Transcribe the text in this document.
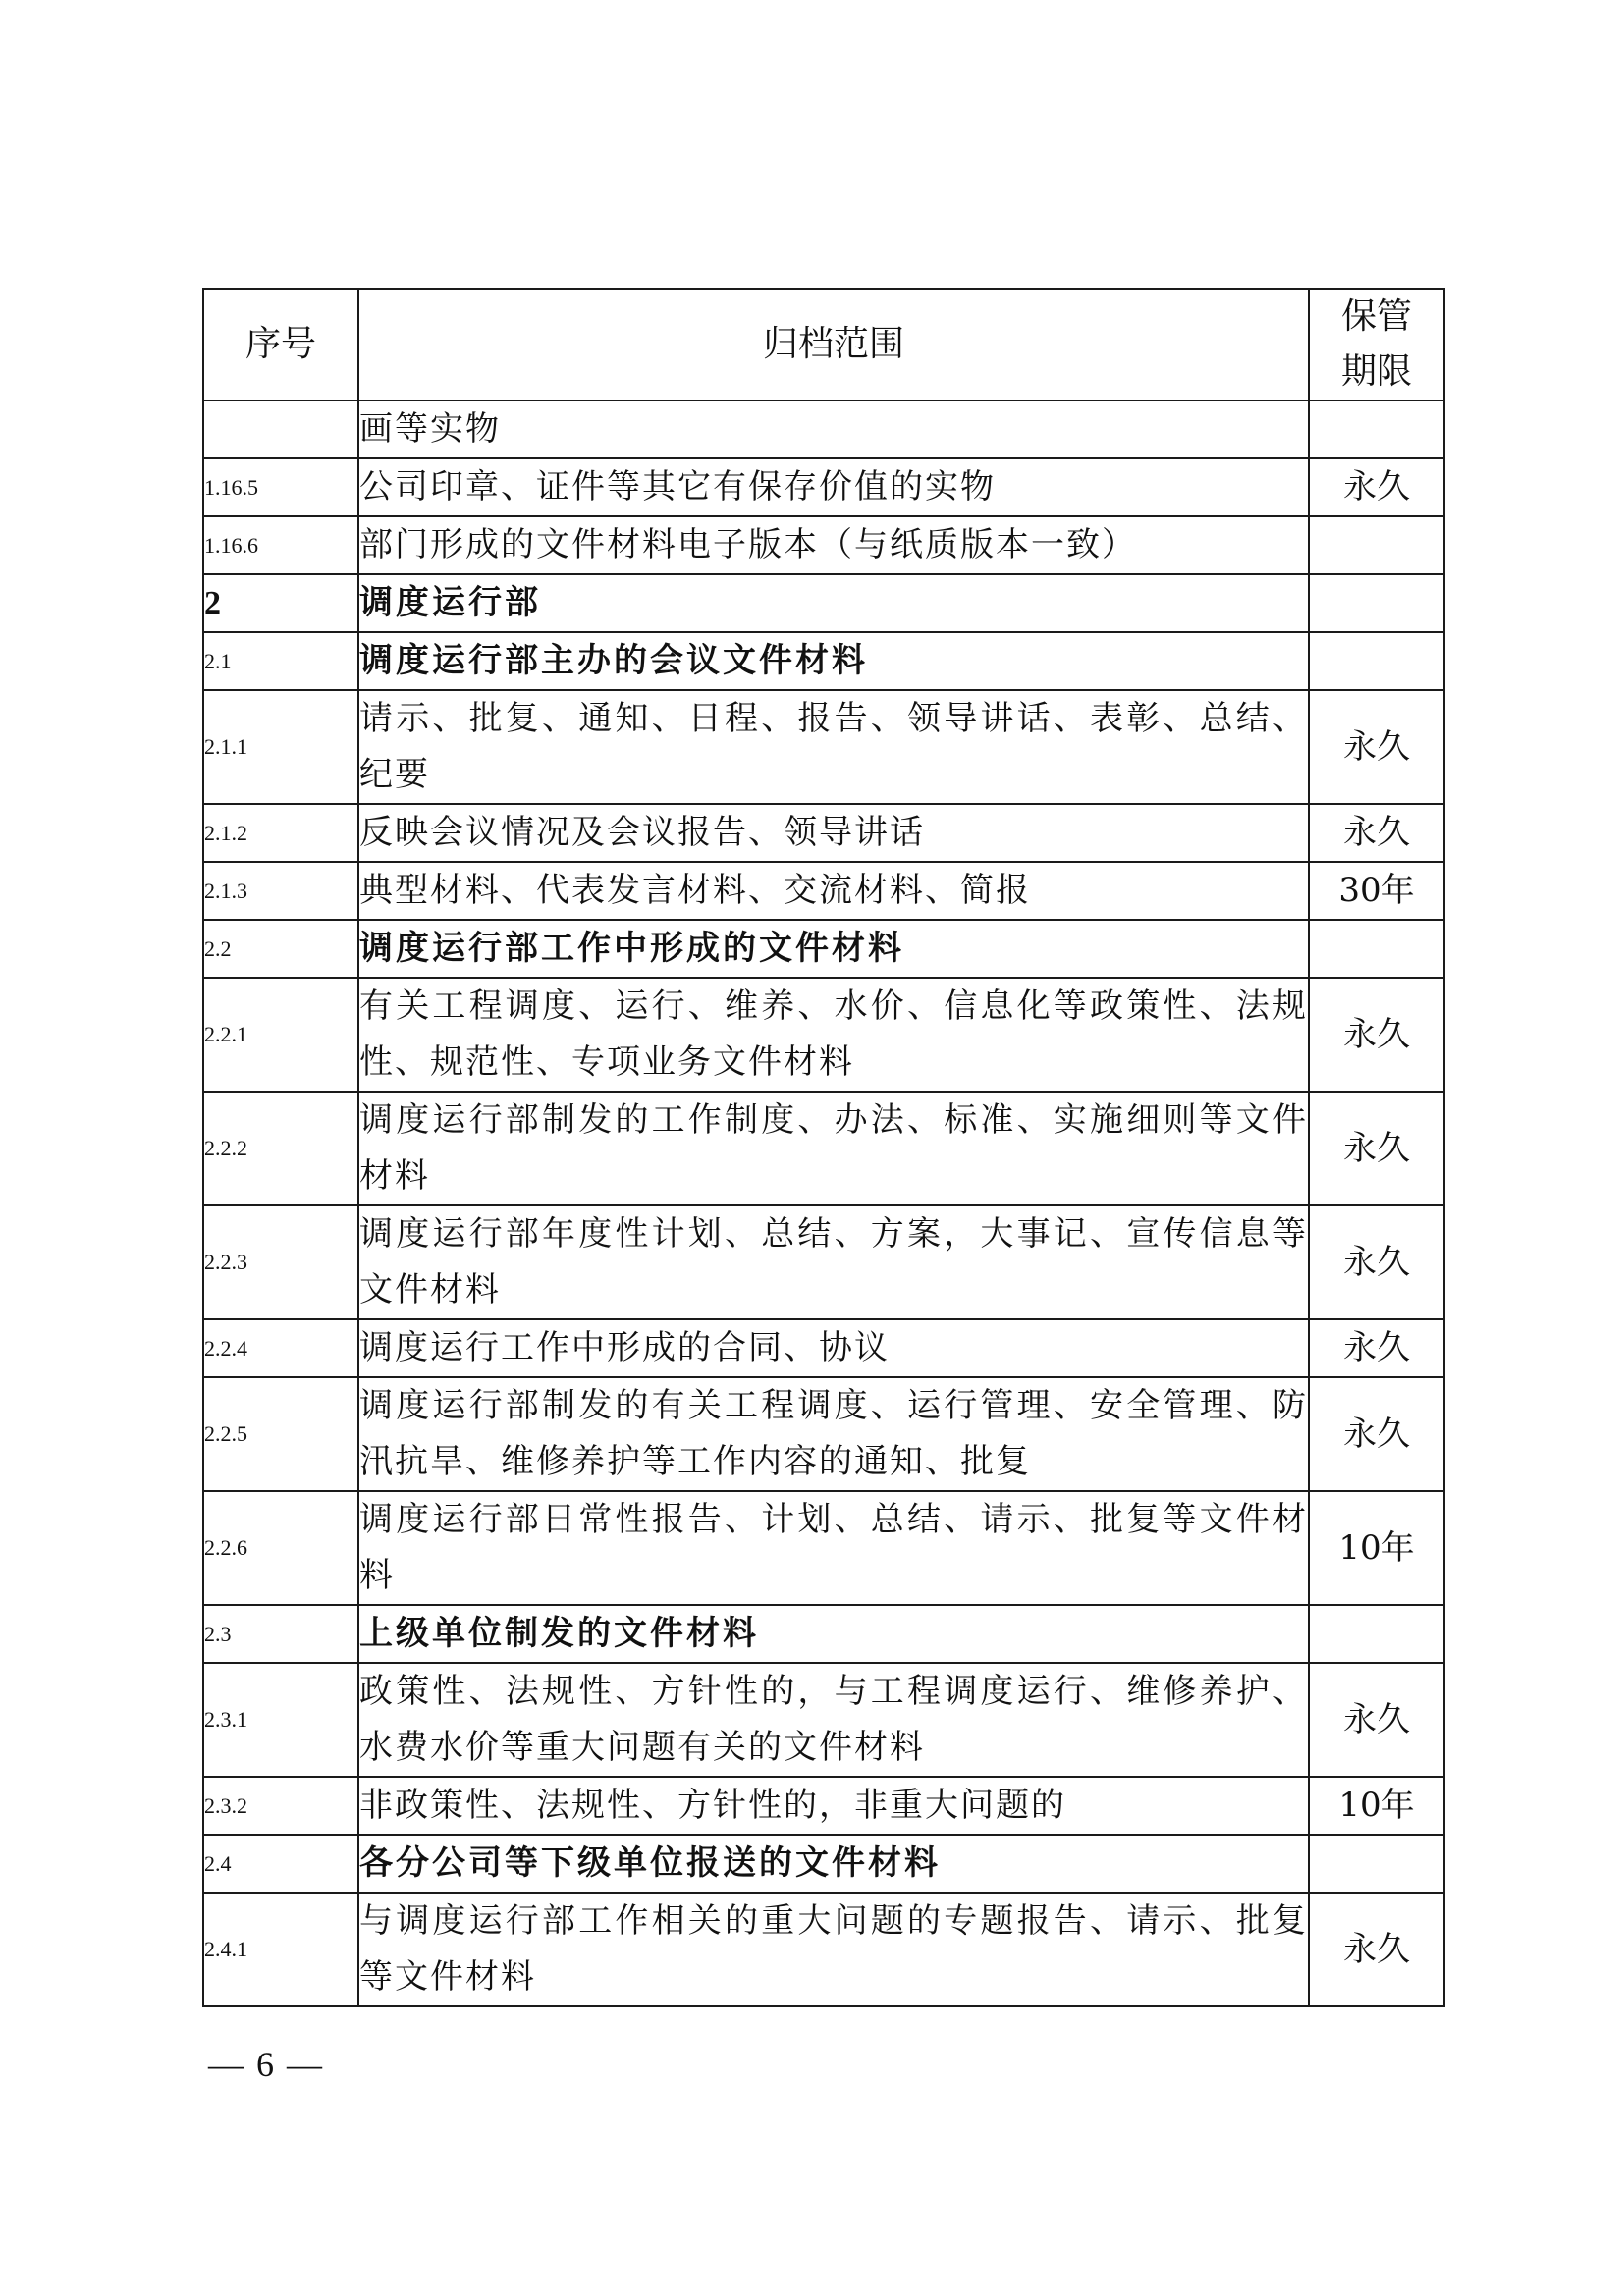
序号	归档范围	保管
期限

	画等实物	
1.16.5	公司印章、证件等其它有保存价值的实物	永久
1.16.6	部门形成的文件材料电子版本（与纸质版本一致）	
2	调度运行部	
2.1	调度运行部主办的会议文件材料	
2.1.1	请示、批复、通知、日程、报告、领导讲话、表彰、总结、纪要	永久
2.1.2	反映会议情况及会议报告、领导讲话	永久
2.1.3	典型材料、代表发言材料、交流材料、简报	30年
2.2	调度运行部工作中形成的文件材料	
2.2.1	有关工程调度、运行、维养、水价、信息化等政策性、法规性、规范性、专项业务文件材料	永久
2.2.2	调度运行部制发的工作制度、办法、标准、实施细则等文件材料	永久
2.2.3	调度运行部年度性计划、总结、方案，大事记、宣传信息等文件材料	永久
2.2.4	调度运行工作中形成的合同、协议	永久
2.2.5	调度运行部制发的有关工程调度、运行管理、安全管理、防汛抗旱、维修养护等工作内容的通知、批复	永久
2.2.6	调度运行部日常性报告、计划、总结、请示、批复等文件材料	10年
2.3	上级单位制发的文件材料	
2.3.1	政策性、法规性、方针性的，与工程调度运行、维修养护、水费水价等重大问题有关的文件材料	永久
2.3.2	非政策性、法规性、方针性的，非重大问题的	10年
2.4	各分公司等下级单位报送的文件材料	
2.4.1	与调度运行部工作相关的重大问题的专题报告、请示、批复等文件材料	永久
— 6 —
